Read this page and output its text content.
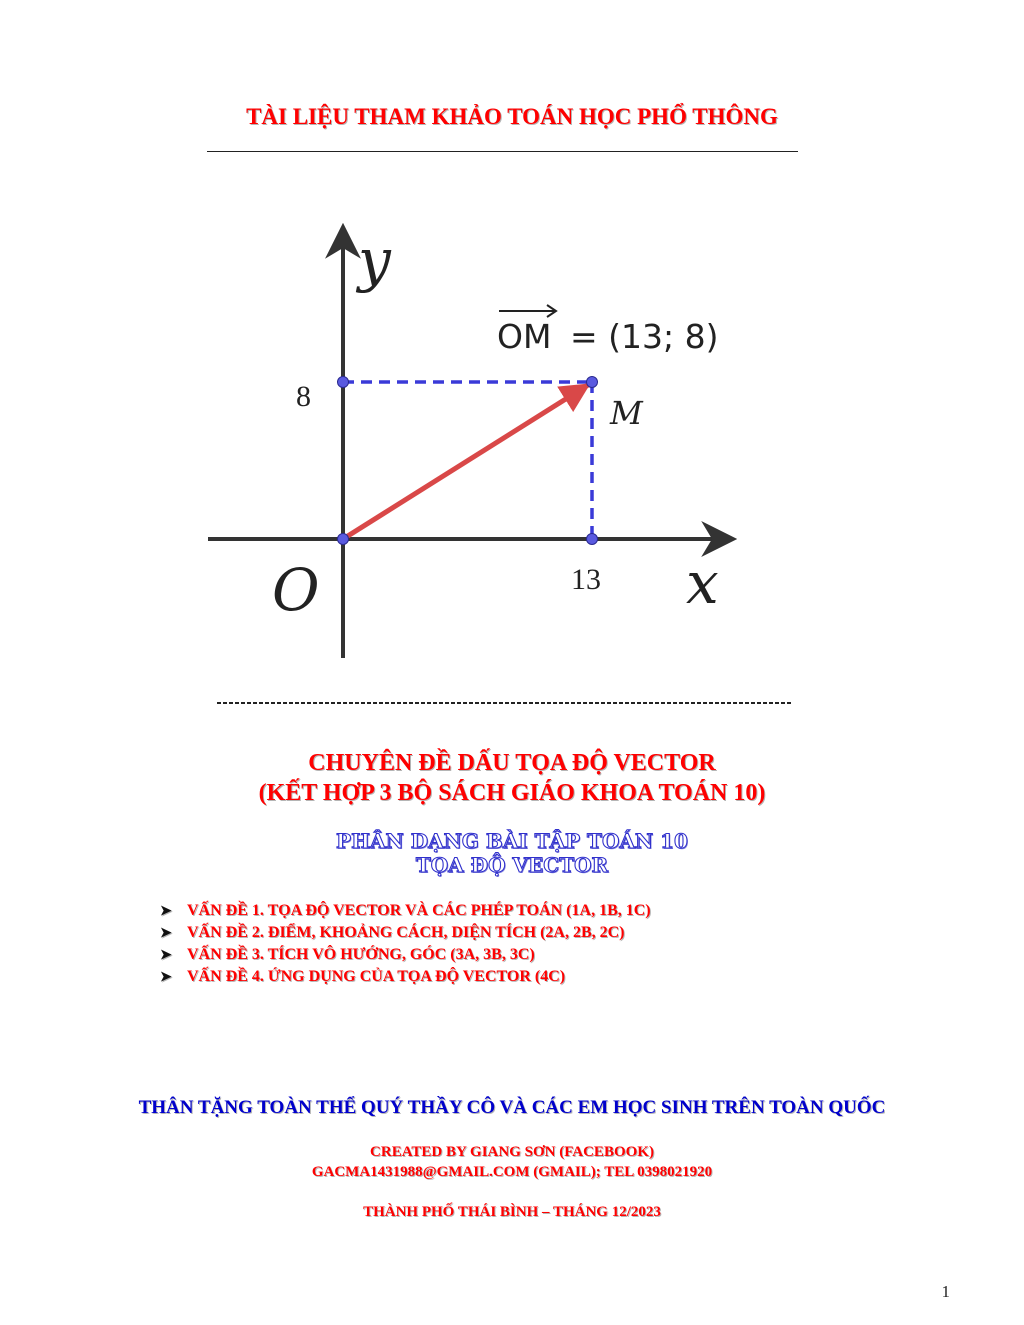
TÀI LIỆU THAM KHẢO TOÁN HỌC PHỔ THÔNG
y
x
O
M
8
13
OM = (13; 8)
CHUYÊN ĐỀ DẤU TỌA ĐỘ VECTOR
(KẾT HỢP 3 BỘ SÁCH GIÁO KHOA TOÁN 10)
PHÂN DẠNG BÀI TẬP TOÁN 10
TỌA ĐỘ VECTOR
➤ VẤN ĐỀ 1. TỌA ĐỘ VECTOR VÀ CÁC PHÉP TOÁN (1A, 1B, 1C)
➤ VẤN ĐỀ 2. ĐIỂM, KHOẢNG CÁCH, DIỆN TÍCH (2A, 2B, 2C)
➤ VẤN ĐỀ 3. TÍCH VÔ HƯỚNG, GÓC (3A, 3B, 3C)
➤ VẤN ĐỀ 4. ỨNG DỤNG CỦA TỌA ĐỘ VECTOR (4C)
THÂN TẶNG TOÀN THỂ QUÝ THẦY CÔ VÀ CÁC EM HỌC SINH TRÊN TOÀN QUỐC
CREATED BY GIANG SƠN (FACEBOOK)
GACMA1431988@GMAIL.COM (GMAIL); TEL 0398021920
THÀNH PHỐ THÁI BÌNH – THÁNG 12/2023
1
